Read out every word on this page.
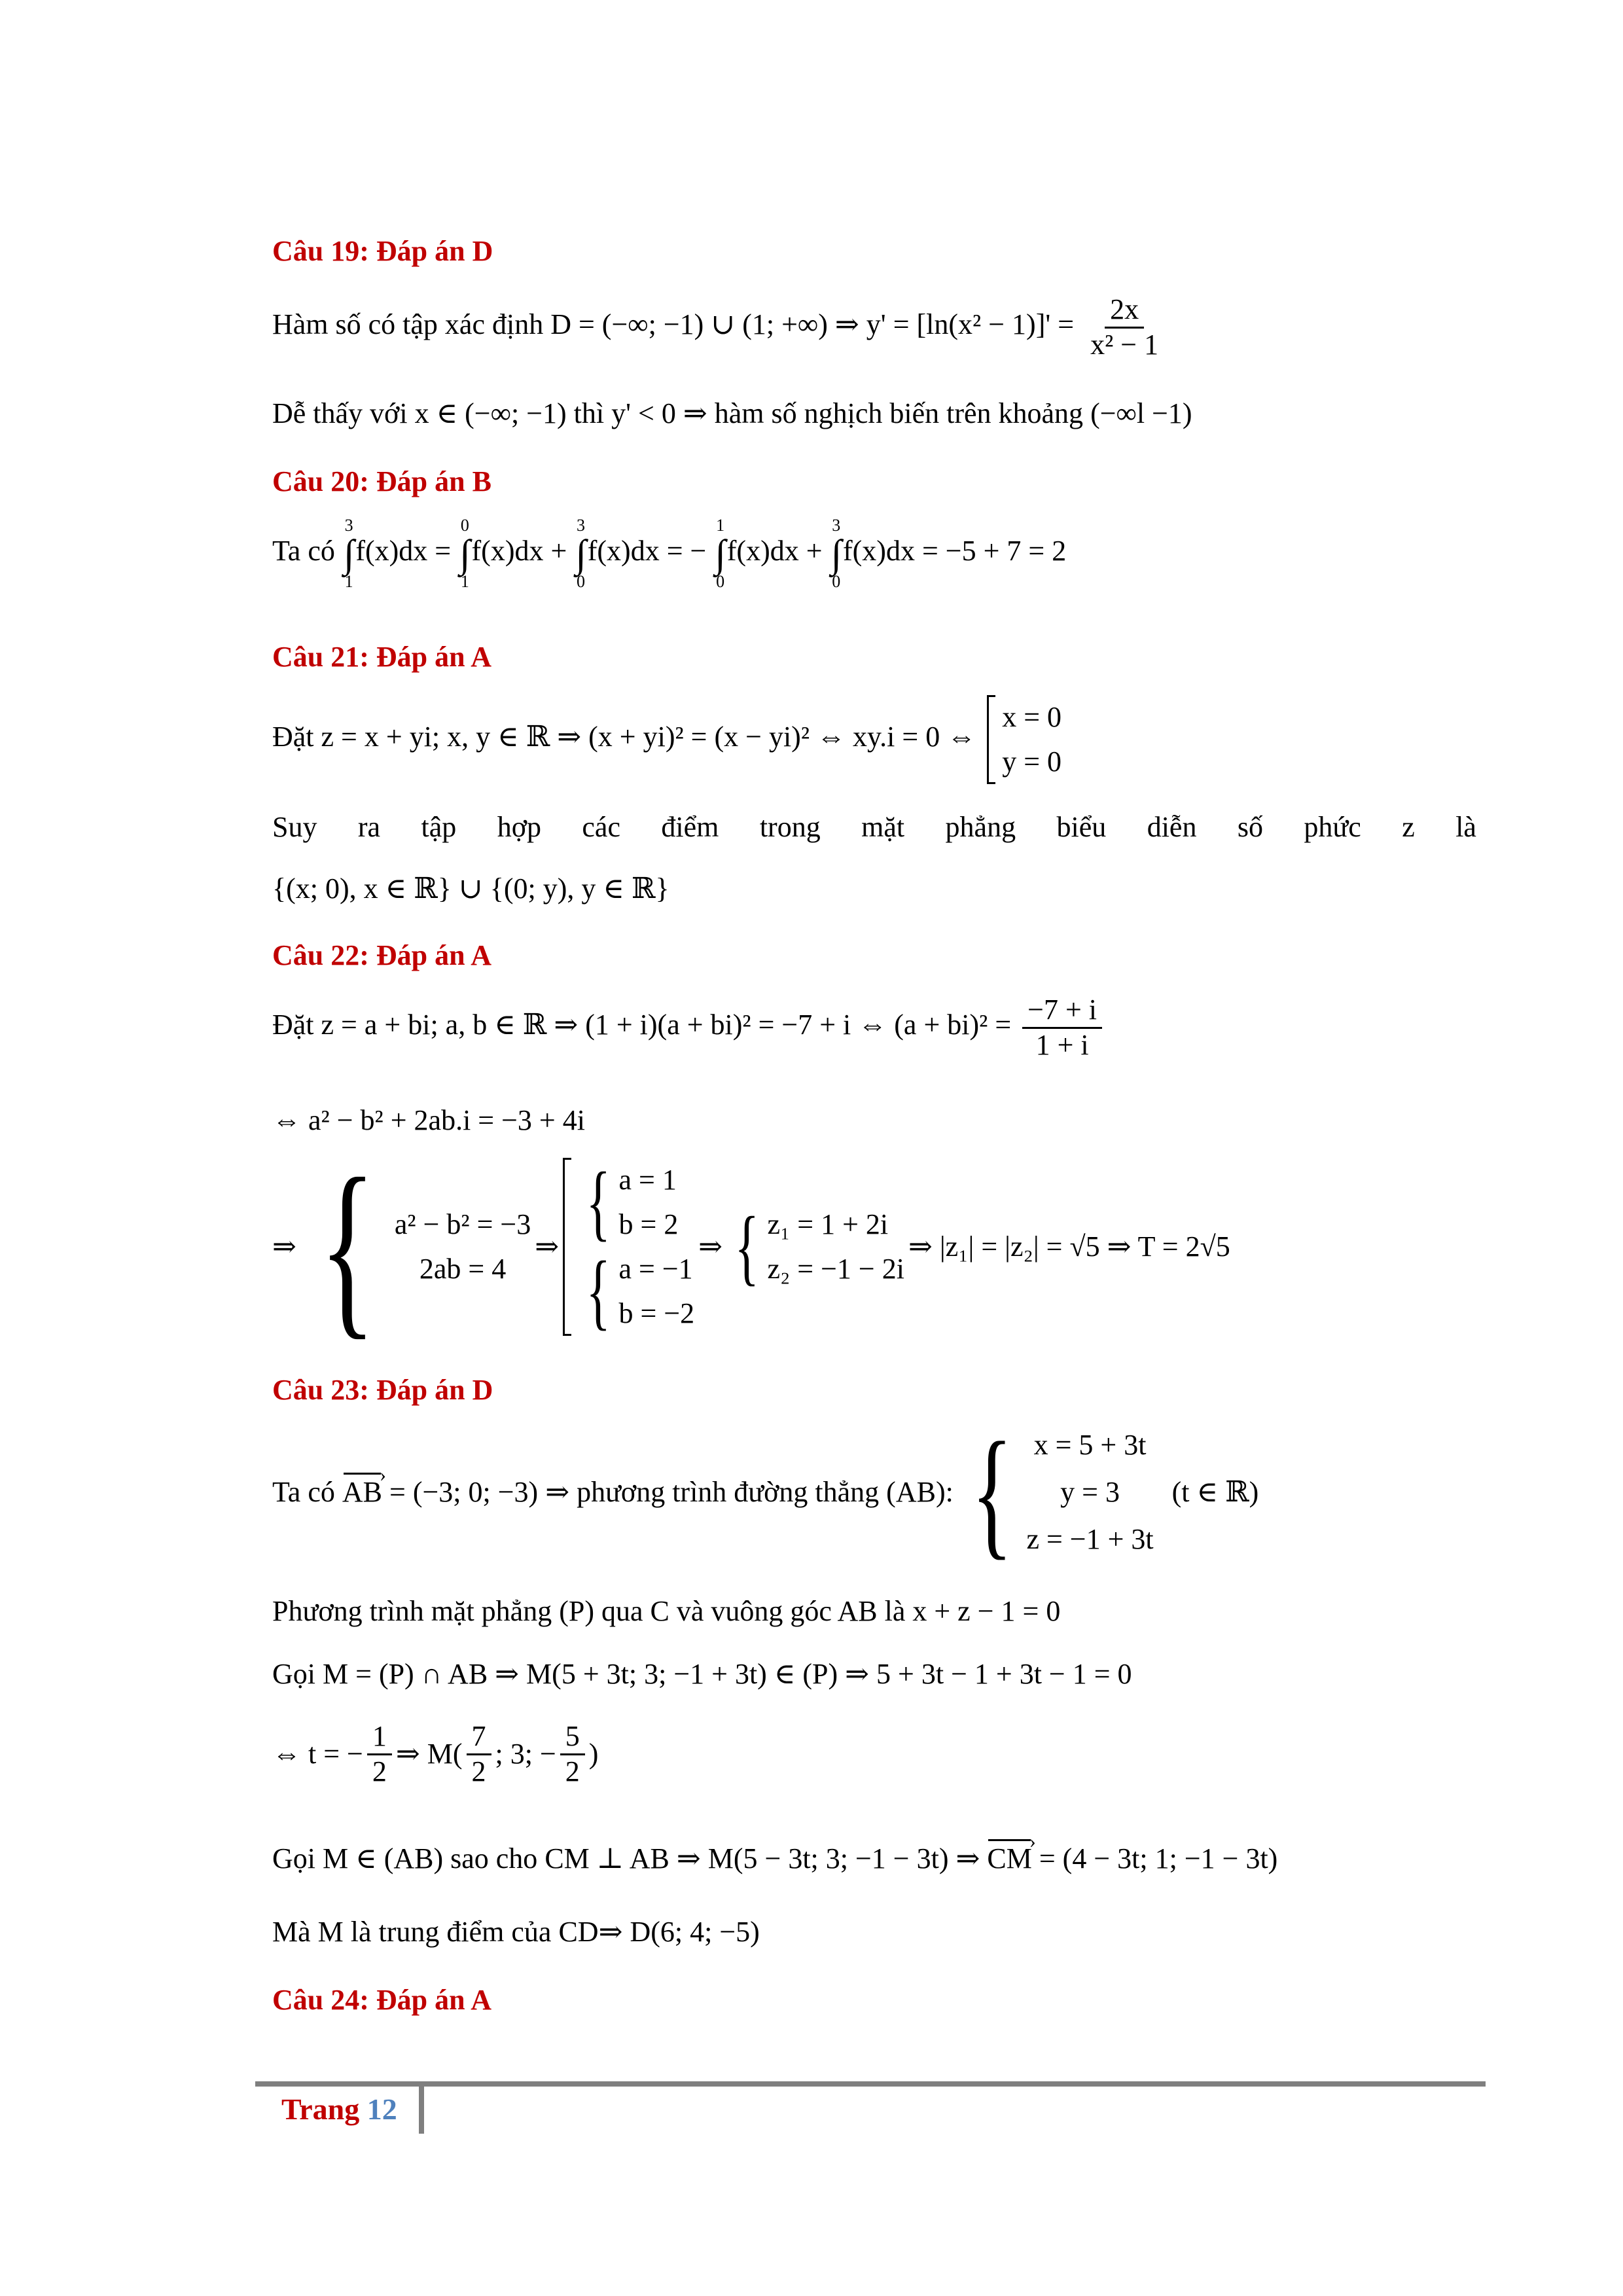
Câu 19: Đáp án D
Hàm số có tập xác định D = (−∞; −1) ∪ (1; +∞) ⇒ $y' = [\ln(x^2 - 1)]' = \frac{2x}{\text{x² − 1}}$
Dễ thấy với x ∈ (−∞; −1) thì y' < 0 ⇒ hàm số nghịch biến trên khoảng (−∞l −1)
Câu 20: Đáp án B
Ta có
3
∫
1
f(x)dx =
0
∫
1
f(x)dx +
3
∫
0
f(x)dx = −
1
∫
0
f(x)dx +
3
∫
0
f(x)dx = −5 + 7 = 2
Câu 21: Đáp án A
Đặt z = x + yi; x, y ∈ ℝ ⇒ (x + yi)² = (x − yi)² ⇔ xy.i = 0 ⇔
x = 0
y = 0
Suy ra tập hợp các điểm trong mặt phẳng biểu diễn số phức z là
{(x; 0), x ∈ ℝ} ∪ {(0; y), y ∈ ℝ}
Câu 22: Đáp án A
Đặt z = a + bi; a, b ∈ ℝ ⇒ (1 + i)(a + bi)² = −7 + i ⇔ $(a + bi)^2 = \frac{-7 + i}{1 + i}$
⇔ a² − b² + 2ab.i = −3 + 4i
⇒ { a² − b² = −3
2ab = 4
⇒ { a = 1
b = 2
{ a = −1
b = −2
⇒ { z₁ = 1 + 2i
z₂ = −1 − 2i
⇒ |z₁| = |z₂| = √5 ⇒ T = 2√5
Câu 23: Đáp án D
Ta có
AB ›
= (−3; 0; −3) ⇒
phương trình đường thẳng
(AB): { x = 5 + 3t
y = 3
z = −1 + 3t

(t ∈ ℝ)
Phương trình mặt phẳng (P) qua C và vuông góc AB là x + z − 1 = 0
Gọi M = (P) ∩ AB ⇒ M(5 + 3t; 3; −1 + 3t) ∈ (P) ⇒ 5 + 3t − 1 + 3t − 1 = 0
⇔ t = − $\frac{1}{2}$ ⇒ $M( \frac{7}{2}$ ; 3; − $\frac{5}{2}$ )
Gọi M ∈ (AB) sao cho CM ⊥ AB ⇒ M(5 − 3t; 3; −1 − 3t) ⇒ CM › = (4 − 3t; 1; −1 − 3t)
Mà M là trung điểm của CD⇒ D(6; 4; −5)
Câu 24: Đáp án A
Trang 12
